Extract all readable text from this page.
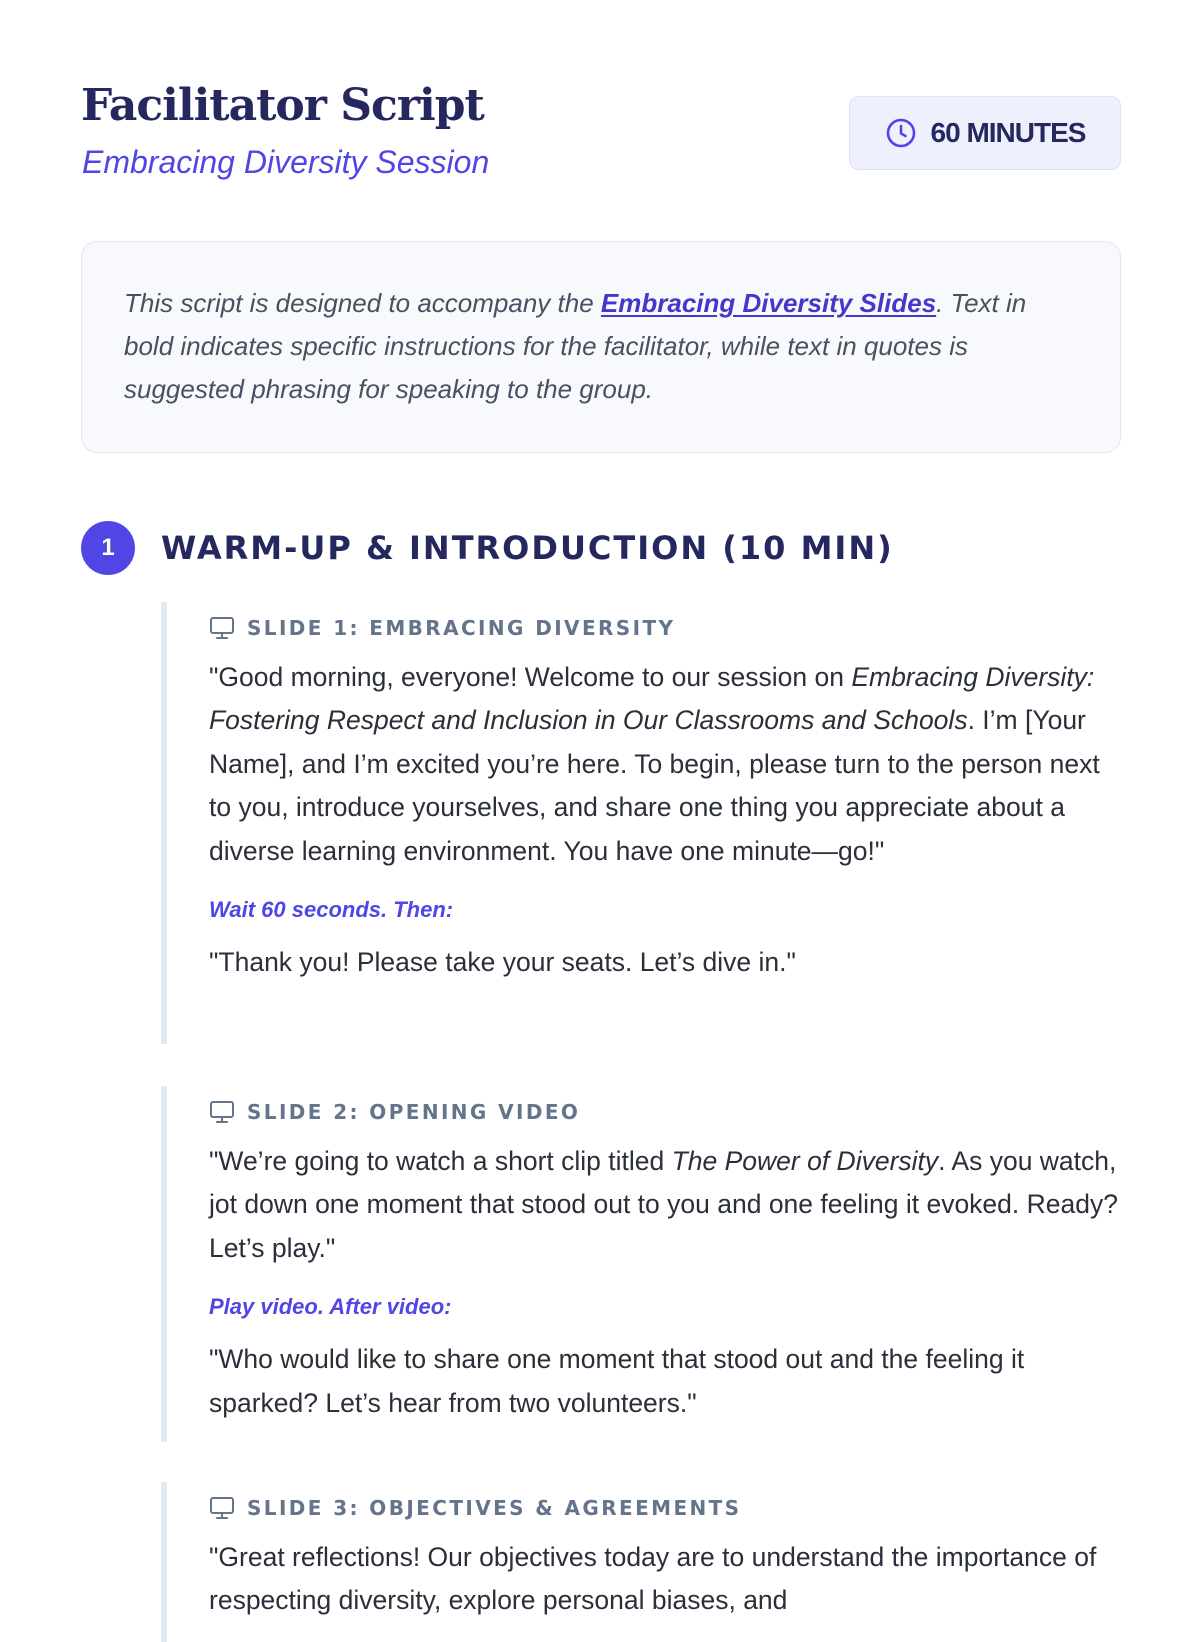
Facilitator Script

Embracing Diversity Session

60 MINUTES
This script is designed to accompany the Embracing Diversity Slides. Text in bold indicates specific instructions for the facilitator, while text in quotes is suggested phrasing for speaking to the group.
1	WARM-UP & INTRODUCTION (10 MIN)
SLIDE 1: EMBRACING DIVERSITY

"Good morning, everyone! Welcome to our session on Embracing Diversity: Fostering Respect and Inclusion in Our Classrooms and Schools. I’m [Your Name], and I’m excited you’re here. To begin, please turn to the person next to you, introduce yourselves, and share one thing you appreciate about a diverse learning environment. You have one minute—go!"

Wait 60 seconds. Then:

"Thank you! Please take your seats. Let’s dive in."

SLIDE 2: OPENING VIDEO

"We’re going to watch a short clip titled The Power of Diversity. As you watch, jot down one moment that stood out to you and one feeling it evoked. Ready? Let’s play."

Play video. After video:

"Who would like to share one moment that stood out and the feeling it sparked? Let’s hear from two volunteers."

SLIDE 3: OBJECTIVES & AGREEMENTS

"Great reflections! Our objectives today are to understand the importance of respecting diversity, explore personal biases, and
